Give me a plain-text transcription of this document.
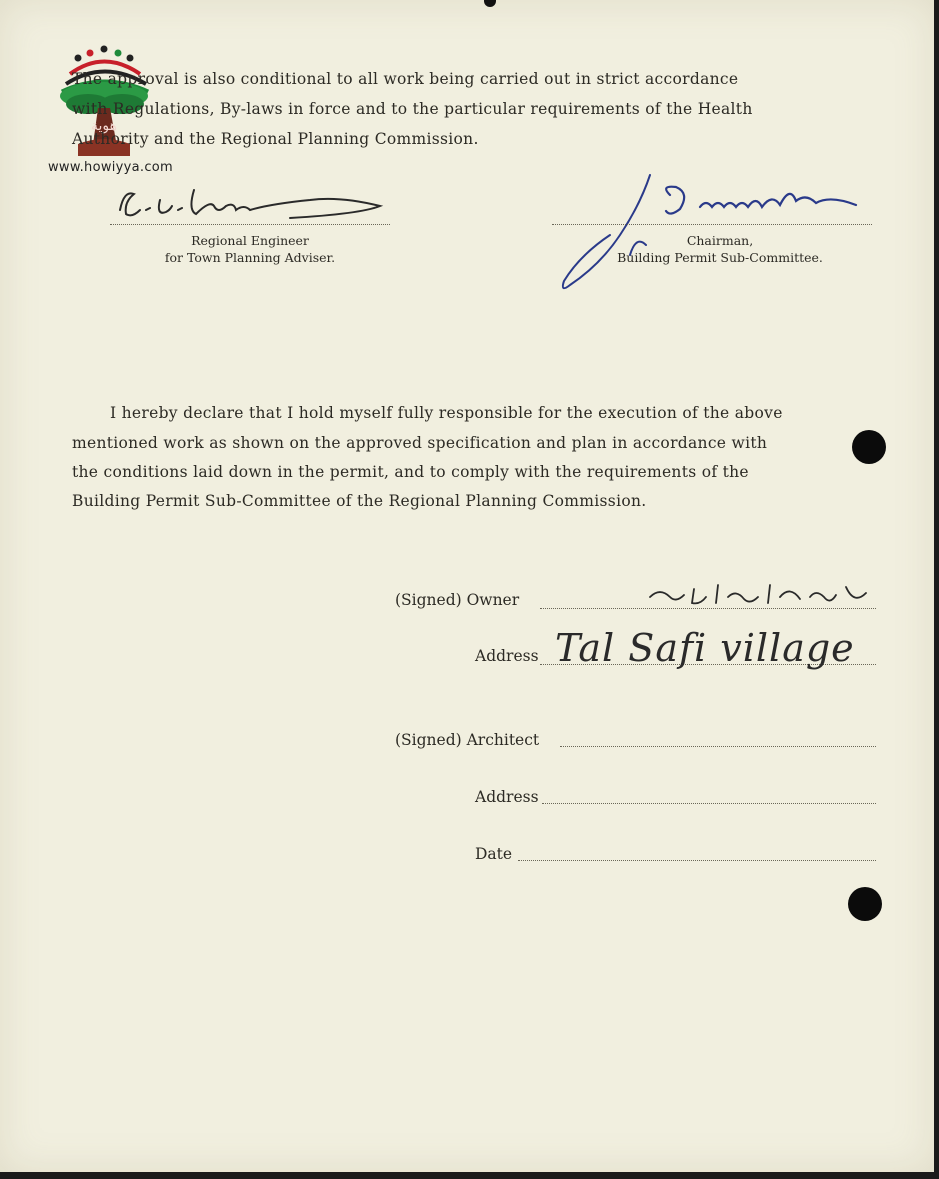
هوية
www.howiyya.com
The approval is also conditional to all work being carried out in strict accordance
with Regulations, By-laws in force and to the particular requirements of the Health
Authority and the Regional Planning Commission.
Regional Engineer
for Town Planning Adviser.
Chairman,
Building Permit Sub-Committee.
I hereby declare that I hold myself fully responsible for the execution of the above
mentioned work as shown on the approved specification and plan in accordance with
the conditions laid down in the permit, and to comply with the requirements of the
Building Permit Sub-Committee of the Regional Planning Commission.
(Signed) Owner
Address Tal Safi village
(Signed) Architect
Address
Date
